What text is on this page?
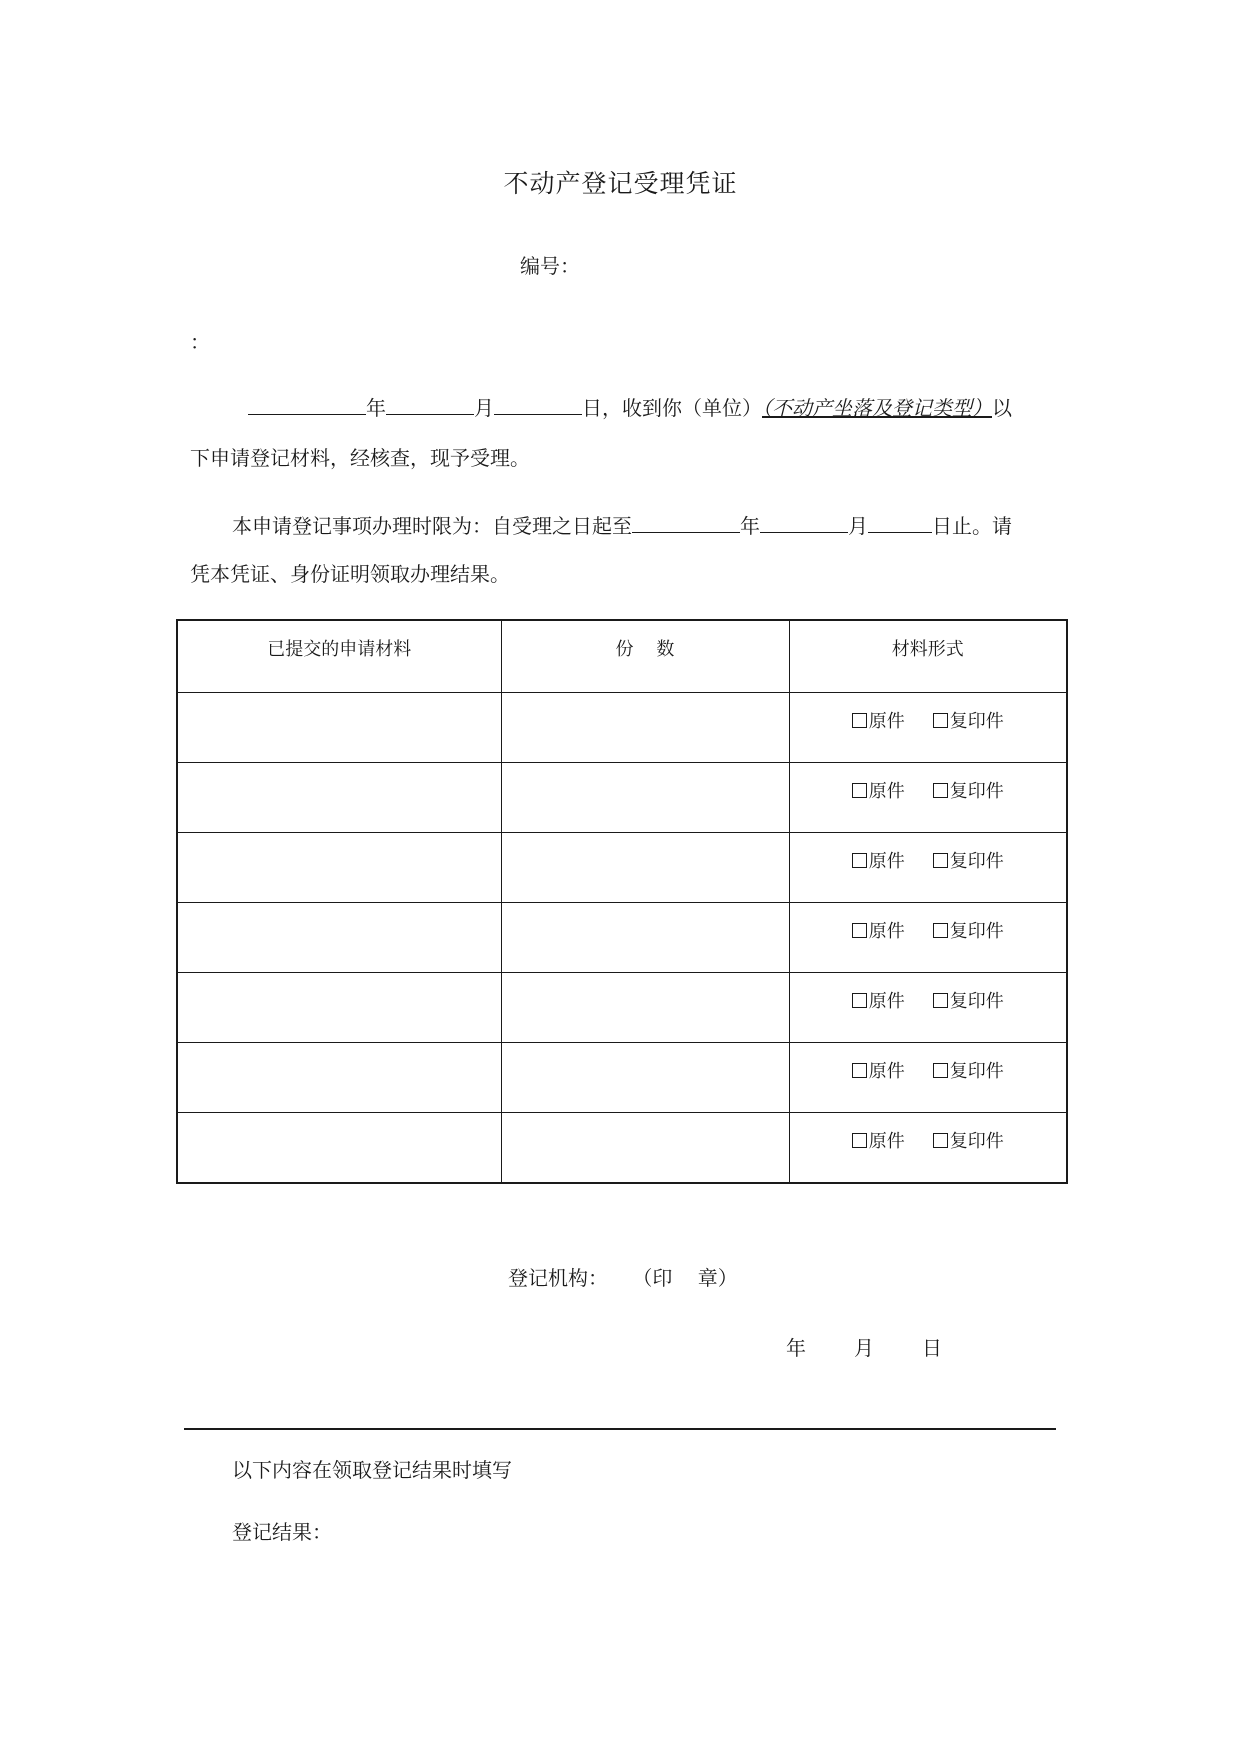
不动产登记受理凭证
编号：
：
年	月	日，收到你（单位）（不动产坐落及登记类型）以
下申请登记材料，经核查，现予受理。
本申请登记事项办理时限为：自受理之日起至	年	月	日止。请
凭本凭证、身份证明领取办理结果。
已提交的申请材料	份    数	材料形式
		原件 复印件
		原件 复印件
		原件 复印件
		原件 复印件
		原件 复印件
		原件 复印件
		原件 复印件
登记机构： （印    章）
年 月 日
以下内容在领取登记结果时填写
登记结果：
